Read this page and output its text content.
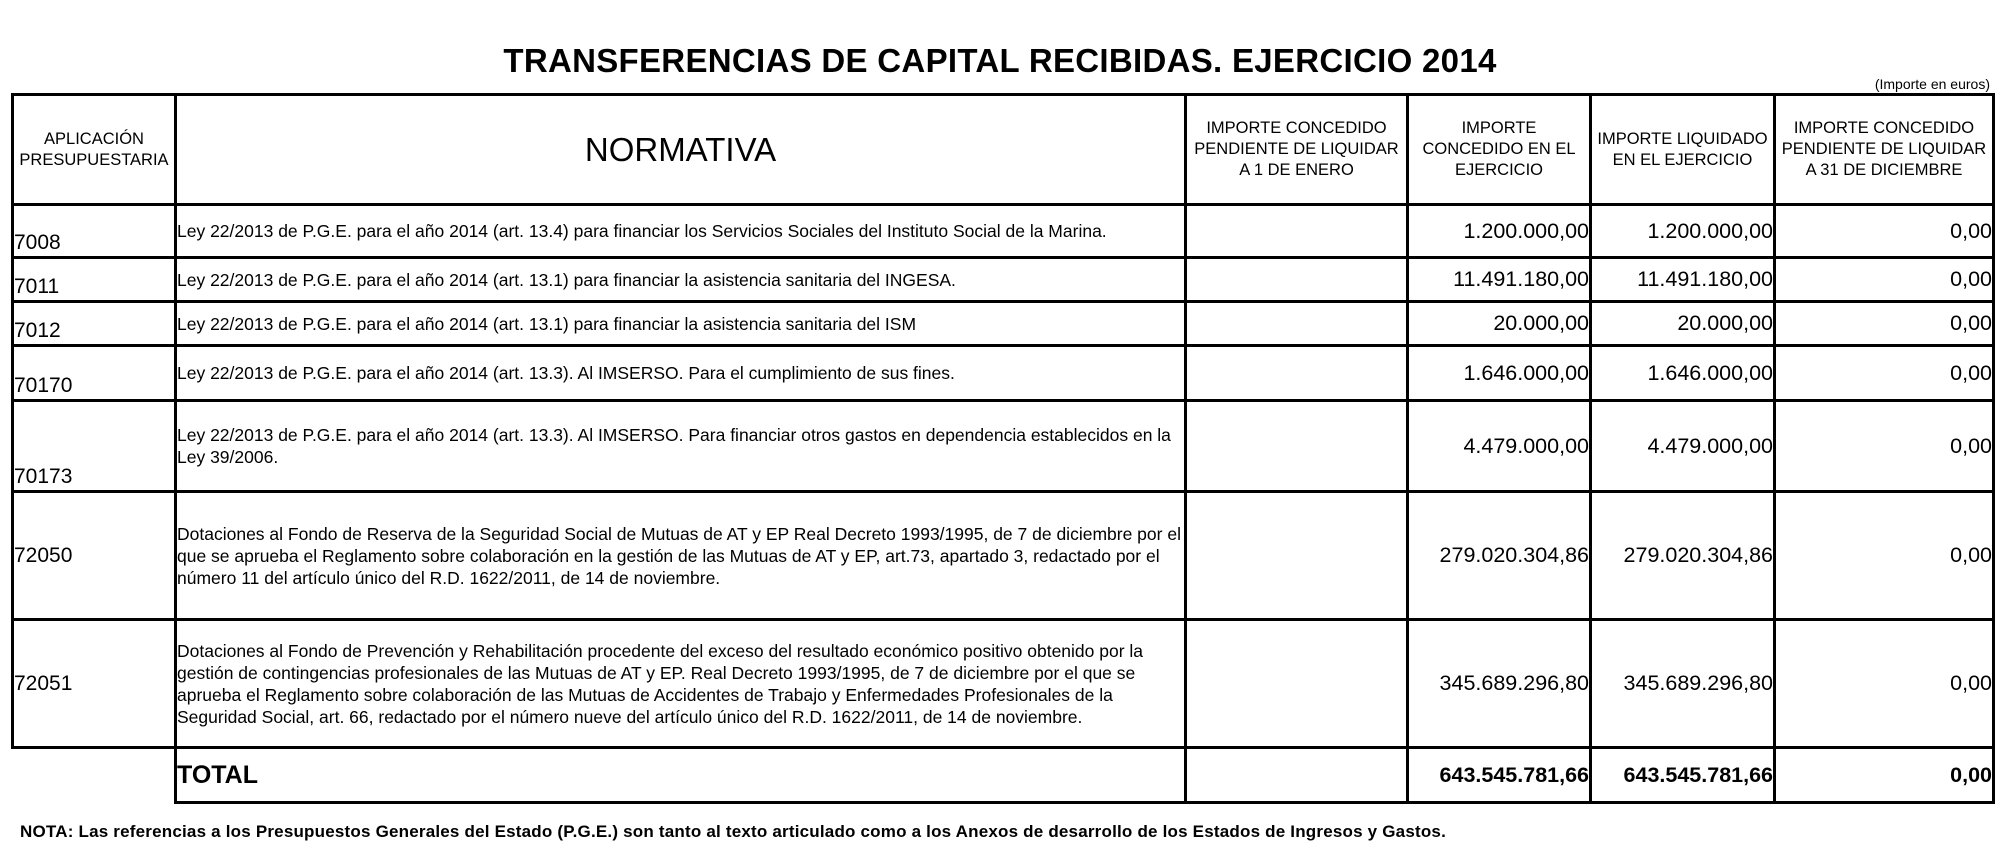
TRANSFERENCIAS DE CAPITAL RECIBIDAS. EJERCICIO 2014
(Importe en euros)
APLICACIÓN PRESUPUESTARIA	NORMATIVA	IMPORTE CONCEDIDO PENDIENTE DE LIQUIDAR A 1 DE ENERO	IMPORTE CONCEDIDO EN EL EJERCICIO	IMPORTE LIQUIDADO EN EL EJERCICIO	IMPORTE CONCEDIDO PENDIENTE DE LIQUIDAR A 31 DE DICIEMBRE
7008	Ley 22/2013 de P.G.E. para el año 2014 (art. 13.4) para financiar los Servicios Sociales del Instituto Social de la Marina.		1.200.000,00	1.200.000,00	0,00
7011	Ley 22/2013 de P.G.E. para el año 2014 (art. 13.1) para financiar la asistencia sanitaria del INGESA.		11.491.180,00	11.491.180,00	0,00
7012	Ley 22/2013 de P.G.E. para el año 2014 (art. 13.1) para financiar la asistencia sanitaria del ISM		20.000,00	20.000,00	0,00
70170	Ley 22/2013 de P.G.E. para el año 2014 (art. 13.3). Al IMSERSO. Para el cumplimiento de sus fines.		1.646.000,00	1.646.000,00	0,00
70173	Ley 22/2013 de P.G.E. para el año 2014 (art. 13.3). Al IMSERSO. Para financiar otros gastos en dependencia establecidos en la Ley 39/2006.		4.479.000,00	4.479.000,00	0,00
72050	Dotaciones al Fondo de Reserva de la Seguridad Social de Mutuas de AT y EP Real Decreto 1993/1995, de 7 de diciembre por el que se aprueba el Reglamento sobre colaboración en la gestión de las Mutuas de AT y EP, art.73, apartado 3, redactado por el número 11 del artículo único del R.D. 1622/2011, de 14 de noviembre.		279.020.304,86	279.020.304,86	0,00
72051	Dotaciones al Fondo de Prevención y Rehabilitación procedente del exceso del resultado económico positivo obtenido por la gestión de contingencias profesionales de las Mutuas de AT y EP. Real Decreto 1993/1995, de 7 de diciembre por el que se aprueba el Reglamento sobre colaboración de las Mutuas de Accidentes de Trabajo y Enfermedades Profesionales de la Seguridad Social, art. 66, redactado por el número nueve del artículo único del R.D. 1622/2011, de 14 de noviembre.		345.689.296,80	345.689.296,80	0,00
	TOTAL		643.545.781,66	643.545.781,66	0,00
NOTA: Las referencias a los Presupuestos Generales del Estado (P.G.E.) son tanto al texto articulado como a los Anexos de desarrollo de los Estados de Ingresos y Gastos.
